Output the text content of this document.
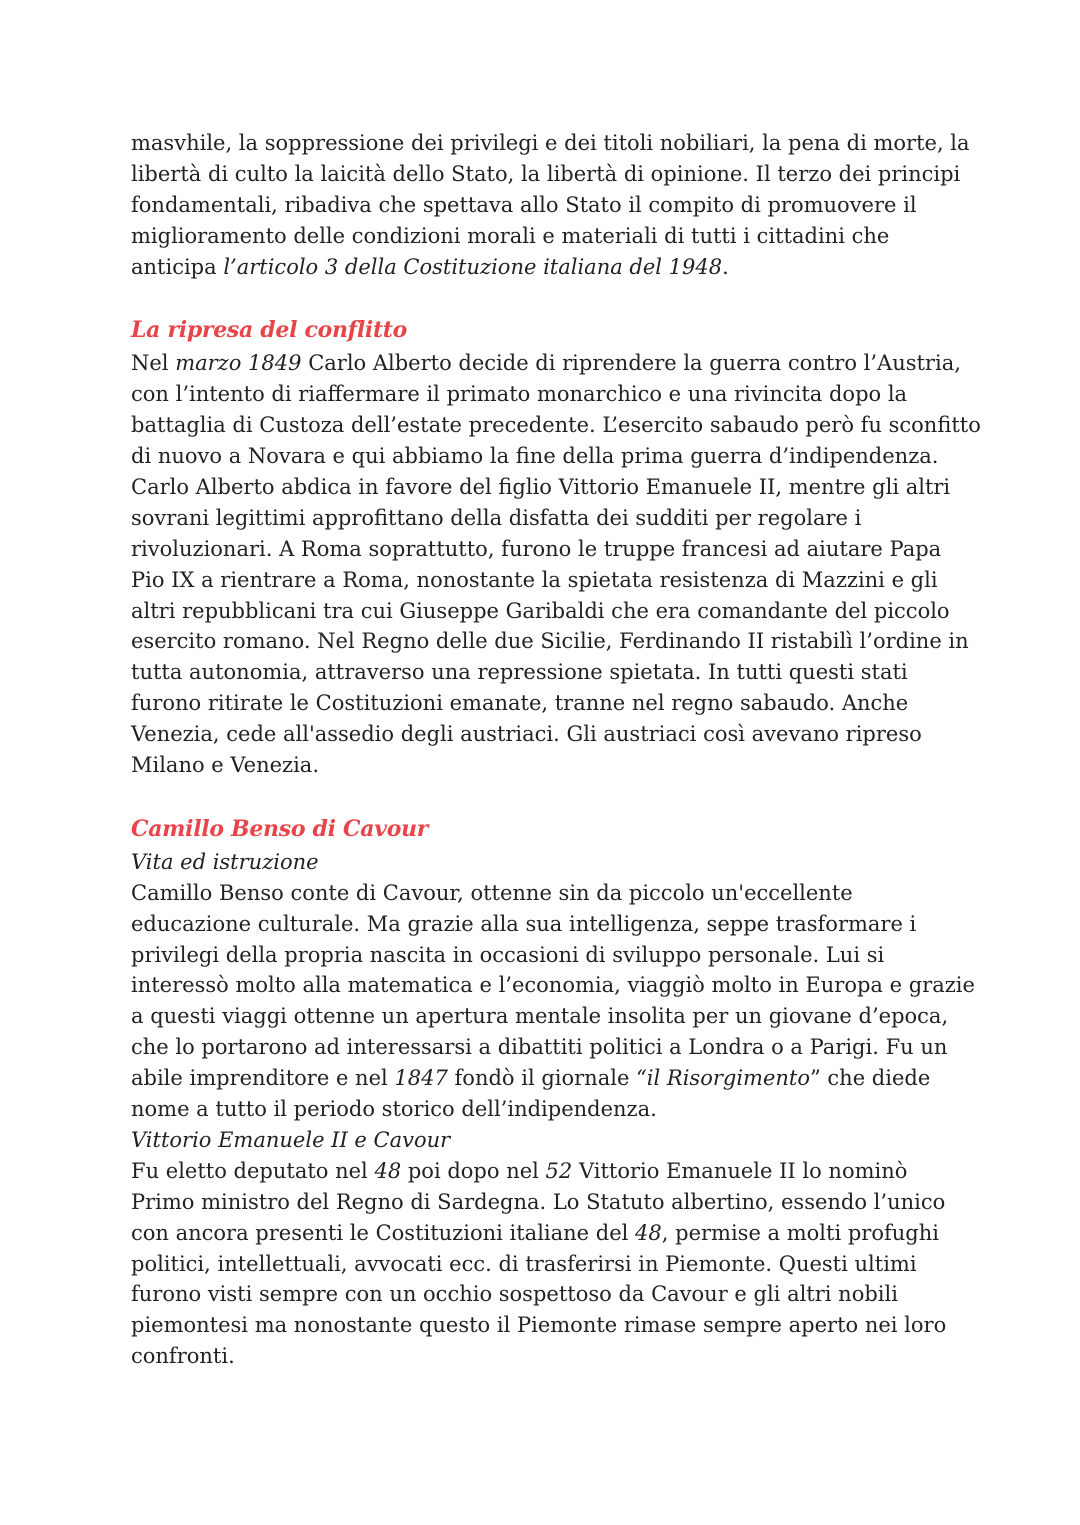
masvhile, la soppressione dei privilegi e dei titoli nobiliari, la pena di morte, la
libertà di culto la laicità dello Stato, la libertà di opinione. Il terzo dei principi
fondamentali, ribadiva che spettava allo Stato il compito di promuovere il
miglioramento delle condizioni morali e materiali di tutti i cittadini che
anticipa l’articolo 3 della Costituzione italiana del 1948.
La ripresa del conflitto
Nel marzo 1849 Carlo Alberto decide di riprendere la guerra contro l’Austria,
con l’intento di riaffermare il primato monarchico e una rivincita dopo la
battaglia di Custoza dell’estate precedente. L’esercito sabaudo però fu sconfitto
di nuovo a Novara e qui abbiamo la fine della prima guerra d’indipendenza.
Carlo Alberto abdica in favore del figlio Vittorio Emanuele II, mentre gli altri
sovrani legittimi approfittano della disfatta dei sudditi per regolare i
rivoluzionari. A Roma soprattutto, furono le truppe francesi ad aiutare Papa
Pio IX a rientrare a Roma, nonostante la spietata resistenza di Mazzini e gli
altri repubblicani tra cui Giuseppe Garibaldi che era comandante del piccolo
esercito romano. Nel Regno delle due Sicilie, Ferdinando II ristabilì l’ordine in
tutta autonomia, attraverso una repressione spietata. In tutti questi stati
furono ritirate le Costituzioni emanate, tranne nel regno sabaudo. Anche
Venezia, cede all'assedio degli austriaci. Gli austriaci così avevano ripreso
Milano e Venezia.
Camillo Benso di Cavour
Vita ed istruzione
Camillo Benso conte di Cavour, ottenne sin da piccolo un'eccellente
educazione culturale. Ma grazie alla sua intelligenza, seppe trasformare i
privilegi della propria nascita in occasioni di sviluppo personale. Lui si
interessò molto alla matematica e l’economia, viaggiò molto in Europa e grazie
a questi viaggi ottenne un apertura mentale insolita per un giovane d’epoca,
che lo portarono ad interessarsi a dibattiti politici a Londra o a Parigi. Fu un
abile imprenditore e nel 1847 fondò il giornale “il Risorgimento” che diede
nome a tutto il periodo storico dell’indipendenza.
Vittorio Emanuele II e Cavour
Fu eletto deputato nel 48 poi dopo nel 52 Vittorio Emanuele II lo nominò
Primo ministro del Regno di Sardegna. Lo Statuto albertino, essendo l’unico
con ancora presenti le Costituzioni italiane del 48, permise a molti profughi
politici, intellettuali, avvocati ecc. di trasferirsi in Piemonte. Questi ultimi
furono visti sempre con un occhio sospettoso da Cavour e gli altri nobili
piemontesi ma nonostante questo il Piemonte rimase sempre aperto nei loro
confronti.
